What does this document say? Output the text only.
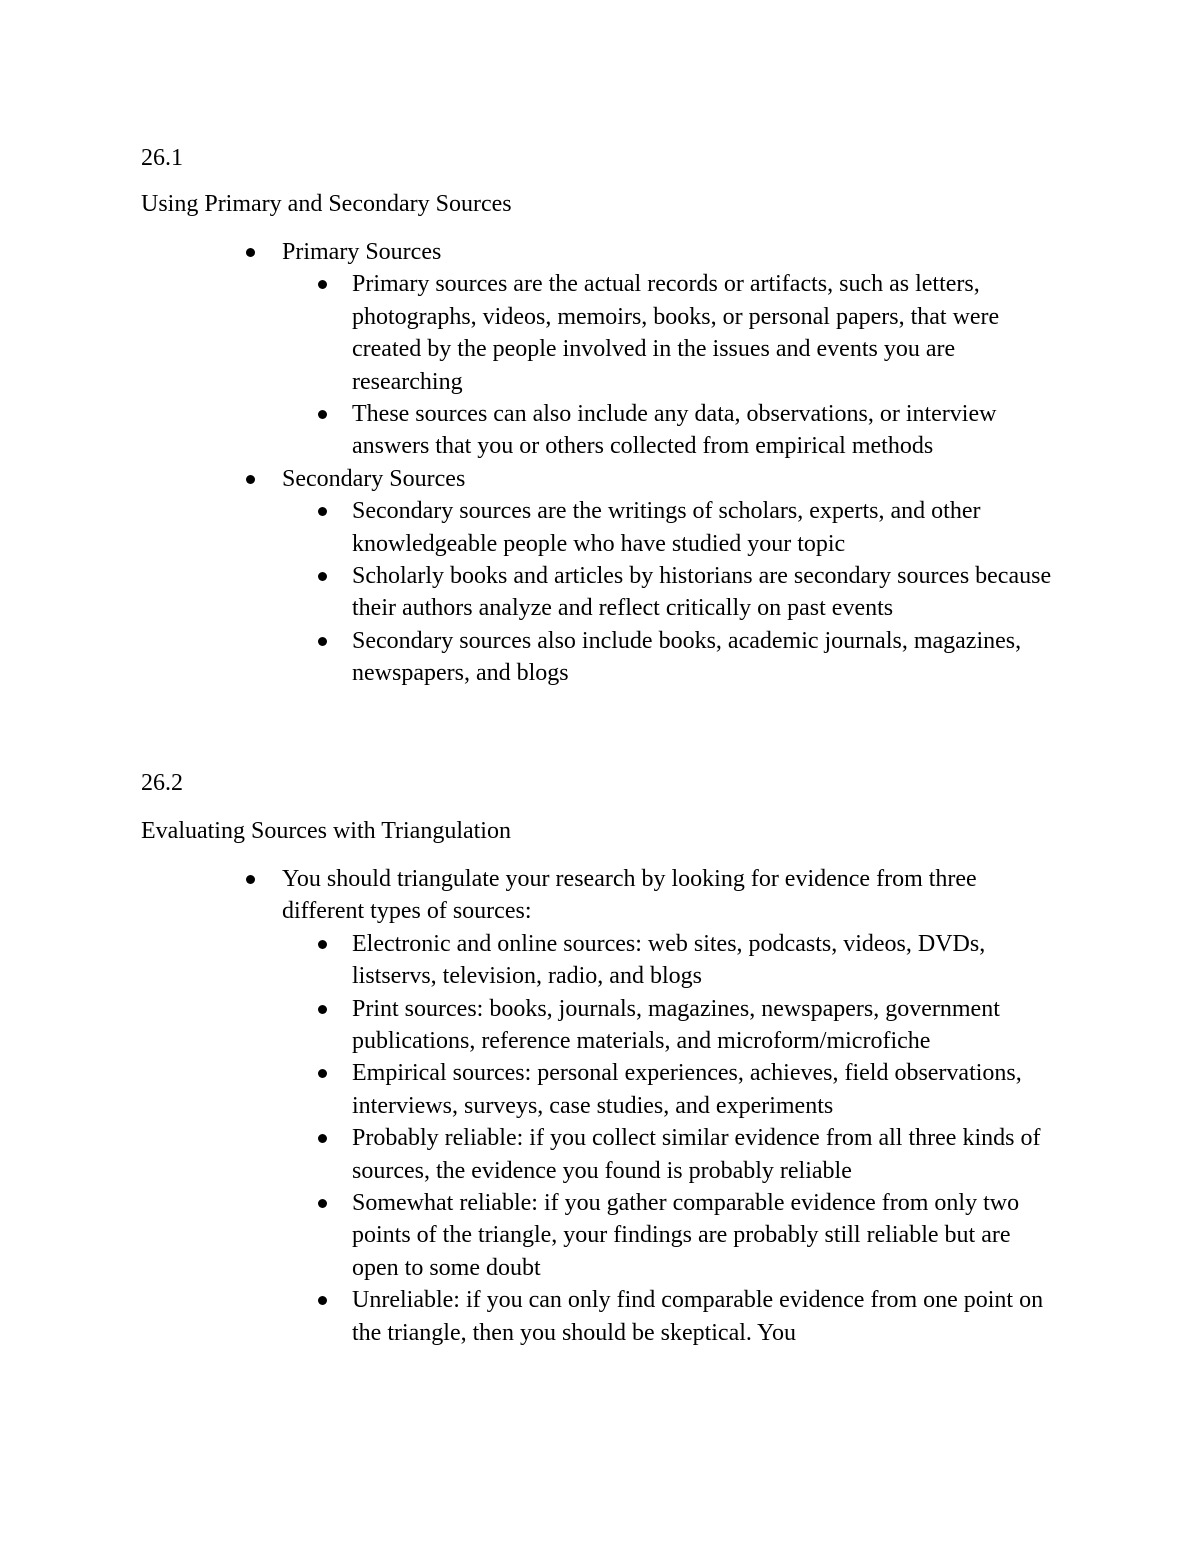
26.1
Using Primary and Secondary Sources
Primary Sources
Primary sources are the actual records or artifacts, such as letters, photographs, videos, memoirs, books, or personal papers, that were created by the people involved in the issues and events you are researching
These sources can also include any data, observations, or interview answers that you or others collected from empirical methods
Secondary Sources
Secondary sources are the writings of scholars, experts, and other knowledgeable people who have studied your topic
Scholarly books and articles by historians are secondary sources because their authors analyze and reflect critically on past events
Secondary sources also include books, academic journals, magazines, newspapers, and blogs
26.2
Evaluating Sources with Triangulation
You should triangulate your research by looking for evidence from three different types of sources:
Electronic and online sources: web sites, podcasts, videos, DVDs, listservs, television, radio, and blogs
Print sources: books, journals, magazines, newspapers, government publications, reference materials, and microform/microfiche
Empirical sources: personal experiences, achieves, field observations, interviews, surveys, case studies, and experiments
Probably reliable: if you collect similar evidence from all three kinds of sources, the evidence you found is probably reliable
Somewhat reliable: if you gather comparable evidence from only two points of the triangle, your findings are probably still reliable but are open to some doubt
Unreliable: if you can only find comparable evidence from one point on the triangle, then you should be skeptical. You
